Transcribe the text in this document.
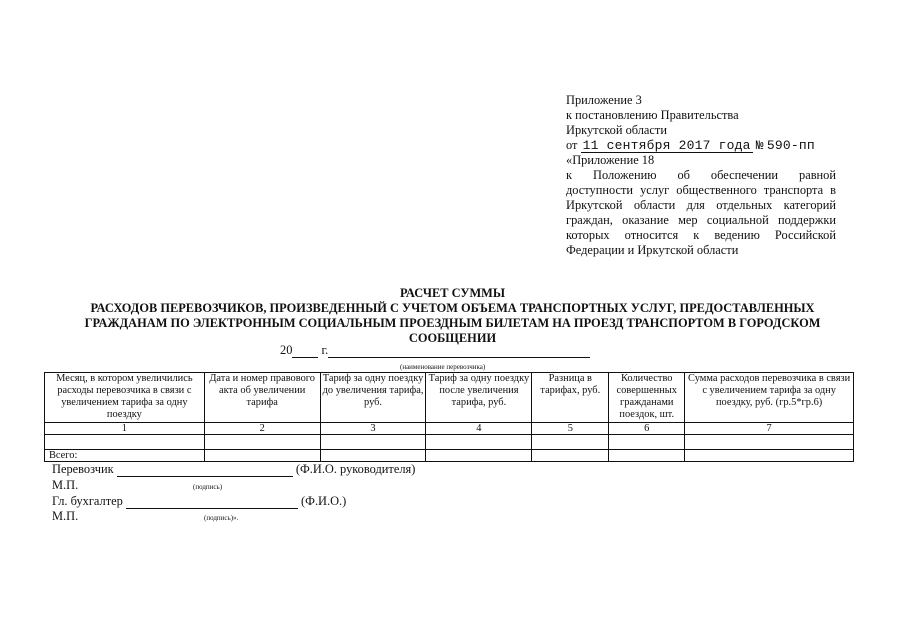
Приложение 3
к постановлению Правительства
Иркутской области
от 11 сентября 2017 года № 590-пп
«Приложение 18
к Положению об обеспечении равной
доступности услуг общественного транспорта в
Иркутской области для отдельных категорий
граждан, оказание мер социальной поддержки
которых относится к ведению Российской
Федерации и Иркутской области
РАСЧЕТ СУММЫ
РАСХОДОВ ПЕРЕВОЗЧИКОВ, ПРОИЗВЕДЕННЫЙ С УЧЕТОМ ОБЪЕМА ТРАНСПОРТНЫХ УСЛУГ, ПРЕДОСТАВЛЕННЫХ
ГРАЖДАНАМ ПО ЭЛЕКТРОННЫМ СОЦИАЛЬНЫМ ПРОЕЗДНЫМ БИЛЕТАМ НА ПРОЕЗД ТРАНСПОРТОМ В ГОРОДСКОМ
СООБЩЕНИИ
20 г.
(наименование перевозчика)
Месяц, в котором увеличились расходы перевозчика в связи с увеличением тарифа за одну поездку	Дата и номер правового акта об увеличении тарифа	Тариф за одну поездку до увеличения тарифа, руб.	Тариф за одну поездку после увеличения тарифа, руб.	Разница в тарифах, руб.	Количество совершенных гражданами поездок, шт.	Сумма расходов перевозчика в связи с увеличением тарифа за одну поездку, руб. (гр.5*гр.6)
1	2	3	4	5	6	7

Всего:						
Перевозчик	(Ф.И.О. руководителя)
М.П.	(подпись)
Гл. бухгалтер	(Ф.И.О.)
М.П.	(подпись)».
